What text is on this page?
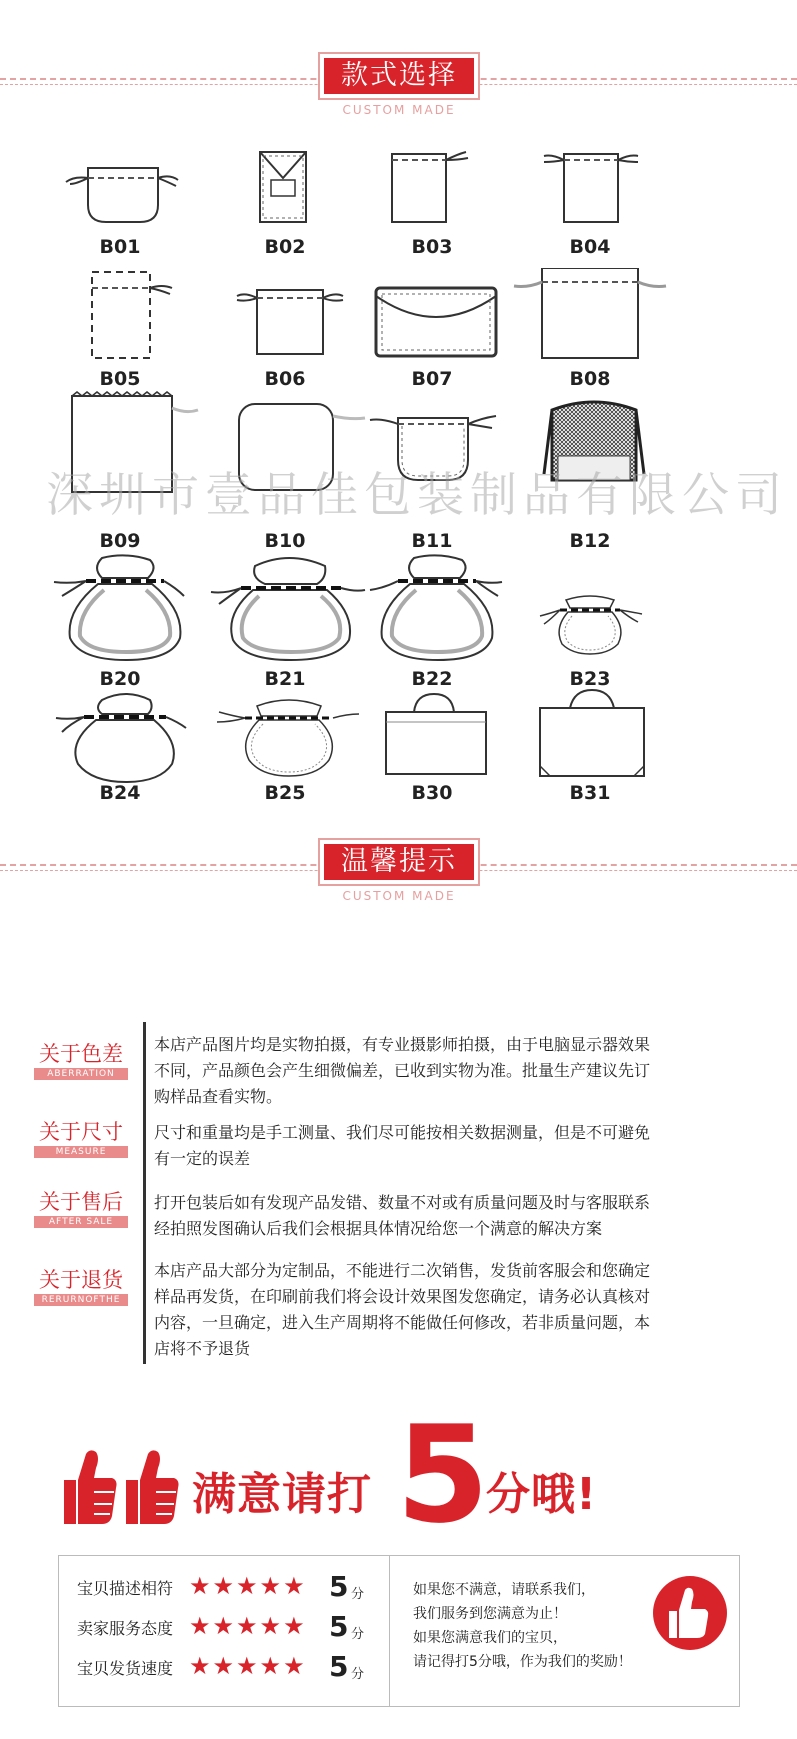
款式选择
CUSTOM MADE
B01	B02	B03	B04
B05	B06	B07	B08
B09	B10	B11	B12
B20	B21	B22	B23
B24	B25	B30	B31
深圳市壹品佳包装制品有限公司
温馨提示
CUSTOM MADE
关于色差
ABERRATION
本店产品图片均是实物拍摄，有专业摄影师拍摄，由于电脑显示器效果
不同，产品颜色会产生细微偏差，已收到实物为准。批量生产建议先订
购样品查看实物。
关于尺寸
MEASURE
尺寸和重量均是手工测量、我们尽可能按相关数据测量，但是不可避免
有一定的误差
关于售后
AFTER SALE
打开包装后如有发现产品发错、数量不对或有质量问题及时与客服联系
经拍照发图确认后我们会根据具体情况给您一个满意的解决方案
关于退货
RERURNOFTHE
本店产品大部分为定制品，不能进行二次销售，发货前客服会和您确定
样品再发货，在印刷前我们将会设计效果图发您确定，请务必认真核对
内容，一旦确定，进入生产周期将不能做任何修改，若非质量问题，本
店将不予退货
满意请打 5
分哦!
宝贝描述相符 ★★★★★ 5 分
卖家服务态度 ★★★★★ 5 分
宝贝发货速度 ★★★★★ 5 分
如果您不满意，请联系我们，
我们服务到您满意为止！
如果您满意我们的宝贝，
请记得打5分哦，作为我们的奖励！
